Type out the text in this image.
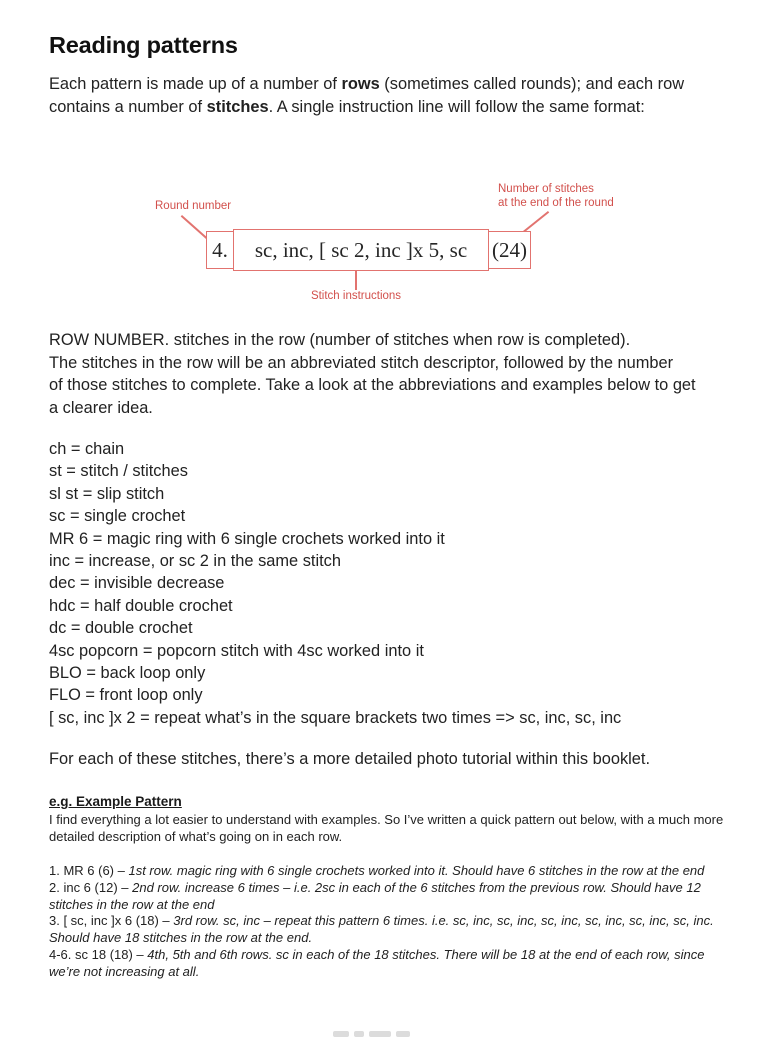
Reading patterns
Each pattern is made up of a number of rows (sometimes called rounds); and each row
contains a number of stitches. A single instruction line will follow the same format:
Round number
Number of stitches
at the end of the round
4.	sc, inc, [ sc 2, inc ]x 5, sc	(24)
Stitch instructions
ROW NUMBER. stitches in the row (number of stitches when row is completed).
The stitches in the row will be an abbreviated stitch descriptor, followed by the number
of those stitches to complete. Take a look at the abbreviations and examples below to get
a clearer idea.
ch = chain
st = stitch / stitches
sl st = slip stitch
sc = single crochet
MR 6 = magic ring with 6 single crochets worked into it
inc = increase, or sc 2 in the same stitch
dec = invisible decrease
hdc = half double crochet
dc = double crochet
4sc popcorn = popcorn stitch with 4sc worked into it
BLO = back loop only
FLO = front loop only
[ sc, inc ]x 2 = repeat what’s in the square brackets two times => sc, inc, sc, inc
For each of these stitches, there’s a more detailed photo tutorial within this booklet.
e.g. Example Pattern
I find everything a lot easier to understand with examples. So I’ve written a quick pattern out below, with a much more detailed description of what’s going on in each row.

1. MR 6 (6) – 1st row. magic ring with 6 single crochets worked into it. Should have 6 stitches in the row at the end

2. inc 6 (12) – 2nd row. increase 6 times – i.e. 2sc in each of the 6 stitches from the previous row. Should have 12 stitches in the row at the end

3. [ sc, inc ]x 6 (18) – 3rd row. sc, inc – repeat this pattern 6 times. i.e. sc, inc, sc, inc, sc, inc, sc, inc, sc, inc, sc, inc. Should have 18 stitches in the row at the end.

4-6. sc 18 (18) – 4th, 5th and 6th rows. sc in each of the 18 stitches. There will be 18 at the end of each row, since we’re not increasing at all.
